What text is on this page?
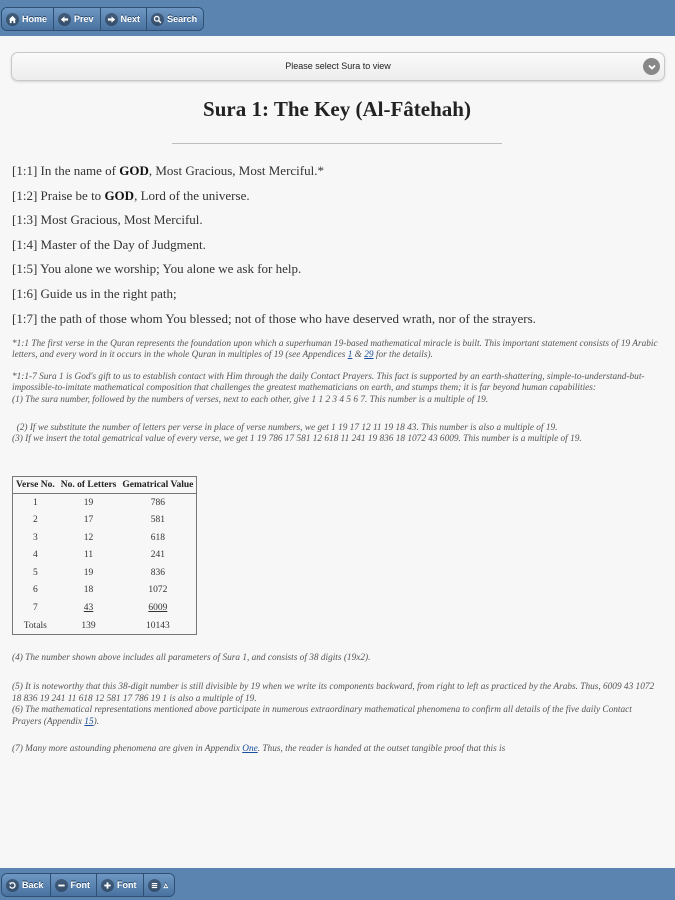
Home	Prev	Next	Search
Please select Sura to view
Sura 1: The Key (Al-Fâtehah)

[1:1] In the name of GOD, Most Gracious, Most Merciful.*

[1:2] Praise be to GOD, Lord of the universe.

[1:3] Most Gracious, Most Merciful.

[1:4] Master of the Day of Judgment.

[1:5] You alone we worship; You alone we ask for help.

[1:6] Guide us in the right path;

[1:7] the path of those whom You blessed; not of those who have deserved wrath, nor of the strayers.

*1:1 The first verse in the Quran represents the foundation upon which a superhuman 19-based mathematical miracle is built. This important statement consists of 19 Arabic letters, and every word in it occurs in the whole Quran in multiples of 19 (see Appendices 1 & 29 for the details).

*1:1-7 Sura 1 is God's gift to us to establish contact with Him through the daily Contact Prayers. This fact is supported by an earth-shattering, simple-to-understand-but-impossible-to-imitate mathematical composition that challenges the greatest mathematicians on earth, and stumps them; it is far beyond human capabilities:
(1) The sura number, followed by the numbers of verses, next to each other, give 1 1 2 3 4 5 6 7. This number is a multiple of 19.

(2) If we substitute the number of letters per verse in place of verse numbers, we get 1 19 17 12 11 19 18 43. This number is also a multiple of 19.
(3) If we insert the total gematrical value of every verse, we get 1 19 786 17 581 12 618 11 241 19 836 18 1072 43 6009. This number is a multiple of 19.

Verse No.	No. of Letters	Gematrical Value
1	19	786
2	17	581
3	12	618
4	11	241
5	19	836
6	18	1072
7	43	6009
Totals	139	10143

(4) The number shown above includes all parameters of Sura 1, and consists of 38 digits (19x2).

(5) It is noteworthy that this 38-digit number is still divisible by 19 when we write its components backward, from right to left as practiced by the Arabs. Thus, 6009 43 1072 18 836 19 241 11 618 12 581 17 786 19 1 is also a multiple of 19.

(6) The mathematical representations mentioned above participate in numerous extraordinary mathematical phenomena to confirm all details of the five daily Contact Prayers (Appendix 15).

(7) Many more astounding phenomena are given in Appendix One. Thus, the reader is handed at the outset tangible proof that this is

Back	Font	Font	▵
